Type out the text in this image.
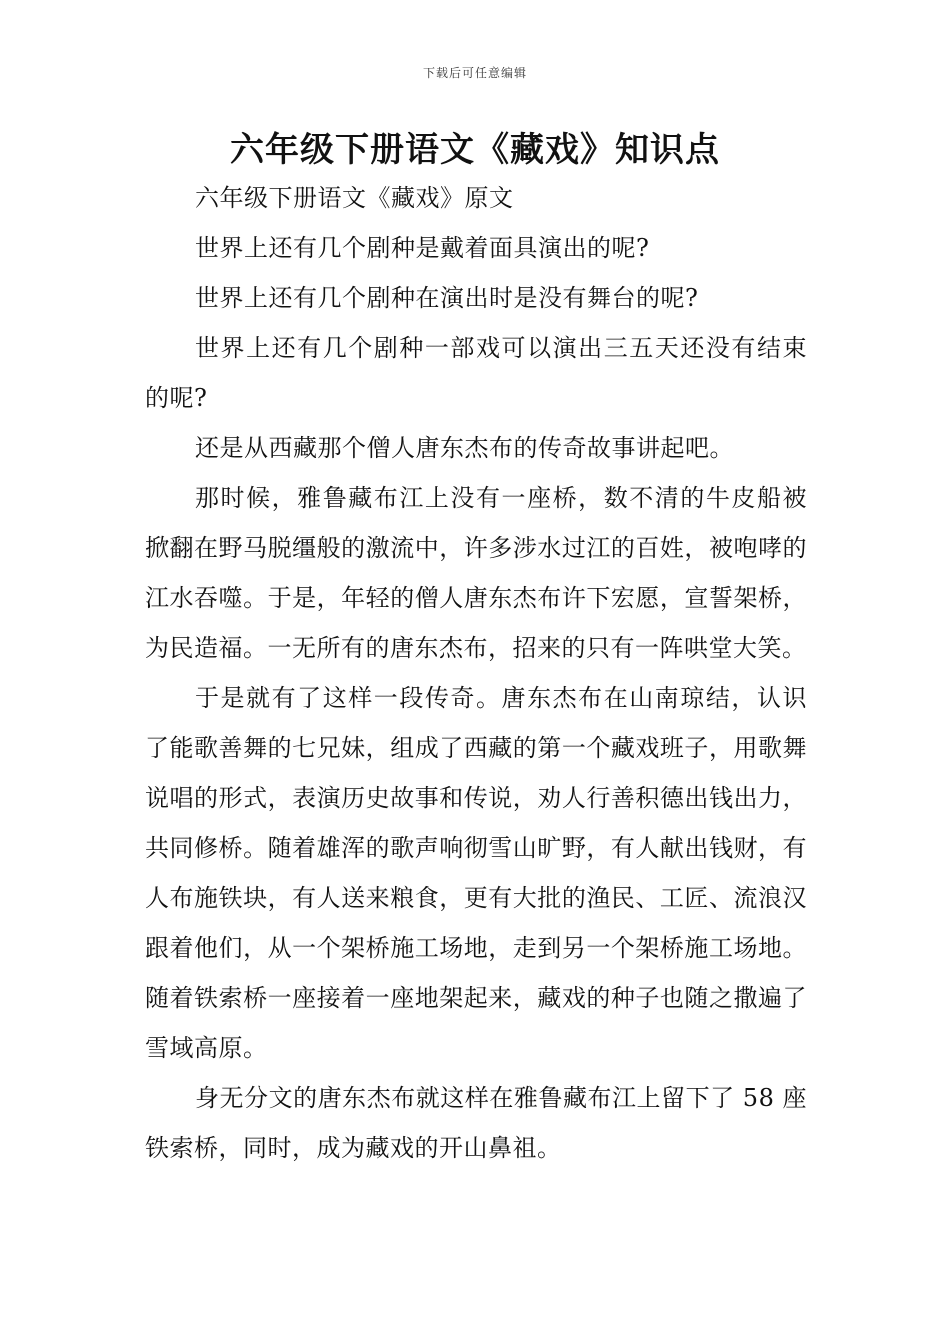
下载后可任意编辑
六年级下册语文《藏戏》知识点

六年级下册语文《藏戏》原文

世界上还有几个剧种是戴着面具演出的呢?

世界上还有几个剧种在演出时是没有舞台的呢?

世界上还有几个剧种一部戏可以演出三五天还没有结束的呢?

还是从西藏那个僧人唐东杰布的传奇故事讲起吧。

那时候，雅鲁藏布江上没有一座桥，数不清的牛皮船被掀翻在野马脱缰般的激流中，许多涉水过江的百姓，被咆哮的江水吞噬。于是，年轻的僧人唐东杰布许下宏愿，宣誓架桥，为民造福。一无所有的唐东杰布，招来的只有一阵哄堂大笑。

于是就有了这样一段传奇。唐东杰布在山南琼结，认识了能歌善舞的七兄妹，组成了西藏的第一个藏戏班子，用歌舞说唱的形式，表演历史故事和传说，劝人行善积德出钱出力，共同修桥。随着雄浑的歌声响彻雪山旷野，有人献出钱财，有人布施铁块，有人送来粮食，更有大批的渔民、工匠、流浪汉跟着他们，从一个架桥施工场地，走到另一个架桥施工场地。随着铁索桥一座接着一座地架起来，藏戏的种子也随之撒遍了雪域高原。

身无分文的唐东杰布就这样在雅鲁藏布江上留下了 58 座铁索桥，同时，成为藏戏的开山鼻祖。
